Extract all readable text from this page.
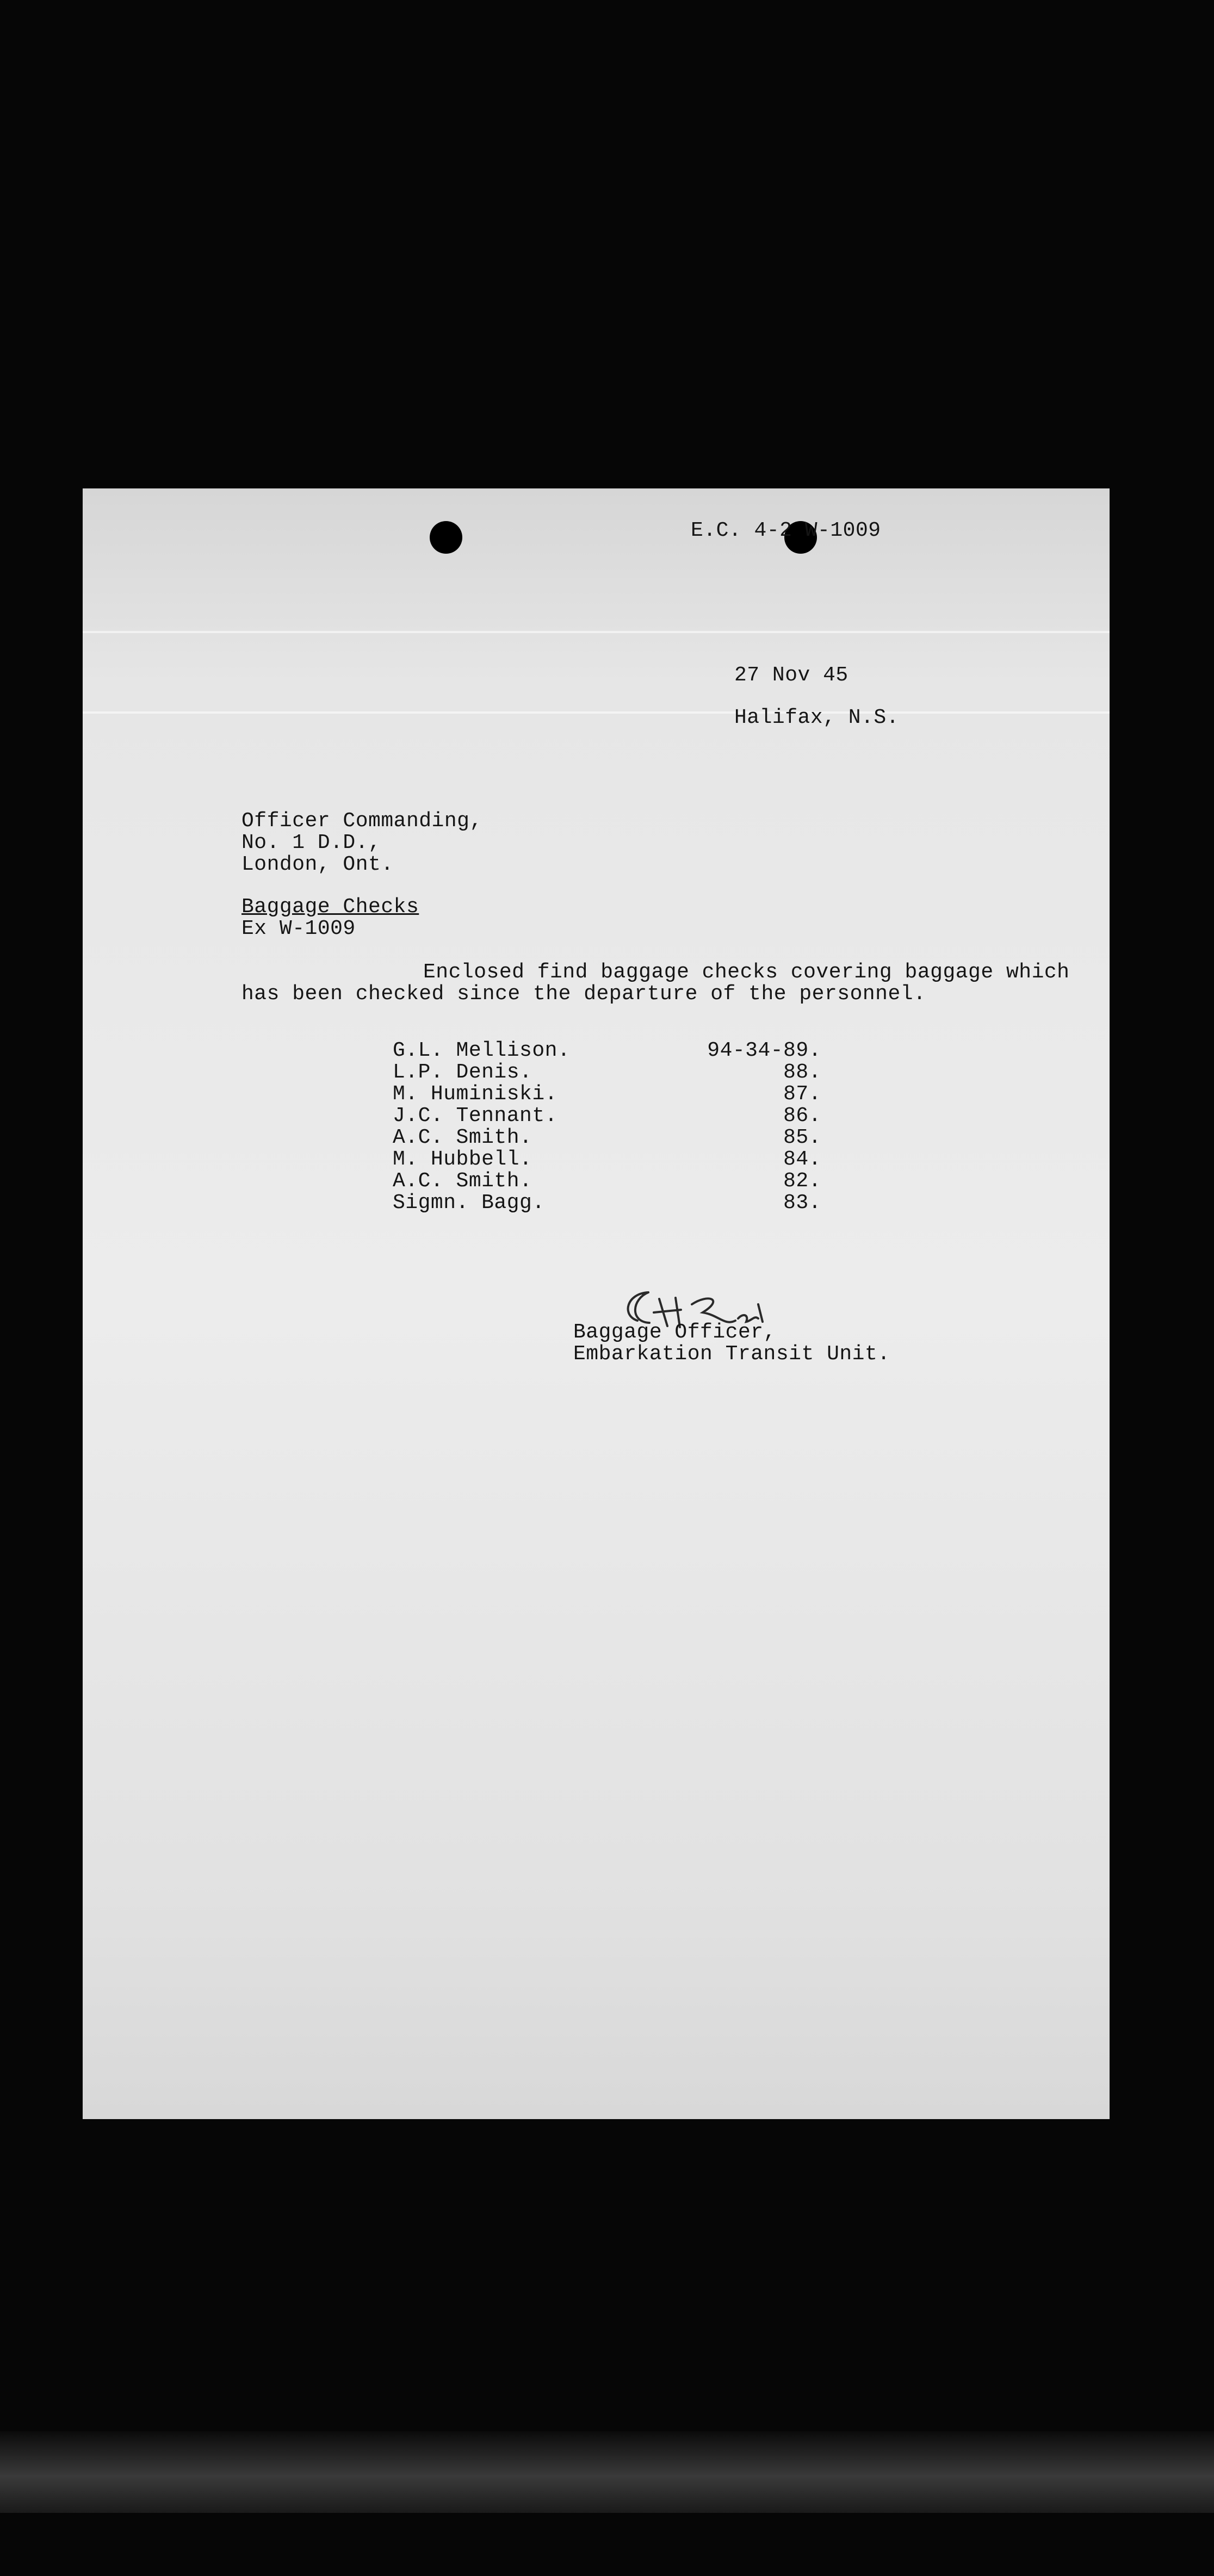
E.C. 4-2 W-1009
27 Nov 45
Halifax, N.S.
Officer Commanding,
No. 1 D.D.,
London, Ont.
Baggage Checks
Ex W-1009
Enclosed find baggage checks covering baggage which
has been checked since the departure of the personnel.
G.L. Mellison.	94-34-89.
L.P. Denis.	88.
M. Huminiski.	87.
J.C. Tennant.	86.
A.C. Smith.	85.
M. Hubbell.	84.
A.C. Smith.	82.
Sigmn. Bagg.	83.
Baggage Officer,
Embarkation Transit Unit.
